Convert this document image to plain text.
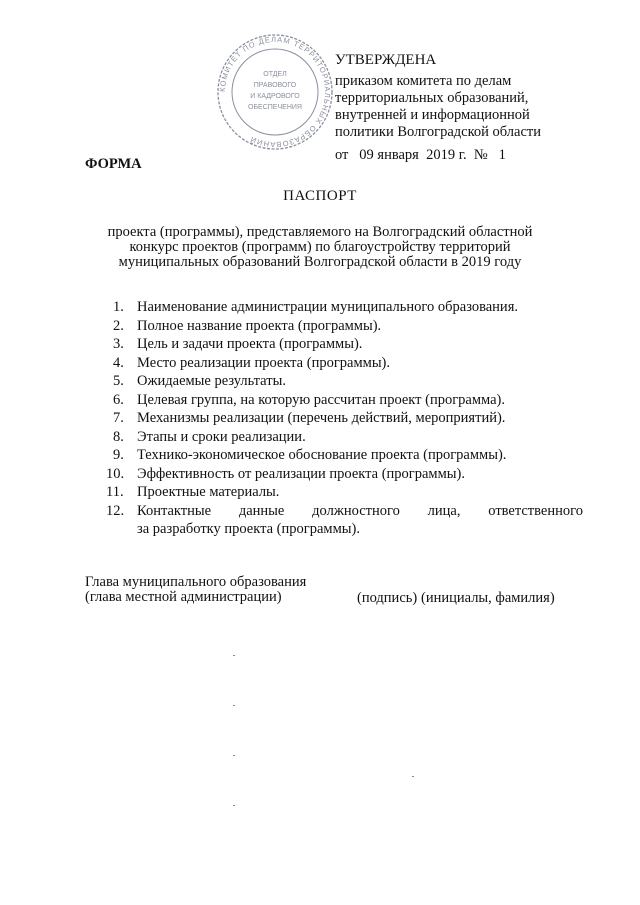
КОМИТЕТ ПО ДЕЛАМ ТЕРРИТОРИАЛЬНЫХ ОБРАЗОВАНИЙ
ОТДЕЛ
ПРАВОВОГО
И КАДРОВОГО
ОБЕСПЕЧЕНИЯ
УТВЕРЖДЕНА
приказом комитета по делам
территориальных образований,
внутренней и информационной
политики Волгоградской области
от   09 января  2019 г.  №   1
ФОРМА
ПАСПОРТ
проекта (программы), представляемого на Волгоградский областной
конкурс проектов (программ) по благоустройству территорий
муниципальных образований Волгоградской области в 2019 году
1. Наименование администрации муниципального образования.
2. Полное название проекта (программы).
3. Цель и задачи проекта (программы).
4. Место реализации проекта (программы).
5. Ожидаемые результаты.
6. Целевая группа, на которую рассчитан проект (программа).
7. Механизмы реализации (перечень действий, мероприятий).
8. Этапы и сроки реализации.
9. Технико-экономическое обоснование проекта (программы).
10. Эффективность от реализации проекта (программы).
11. Проектные материалы.
12. Контактные данные должностного лица, ответственного
за разработку проекта (программы).
Глава муниципального образования
(глава местной администрации)	(подпись) (инициалы, фамилия)
